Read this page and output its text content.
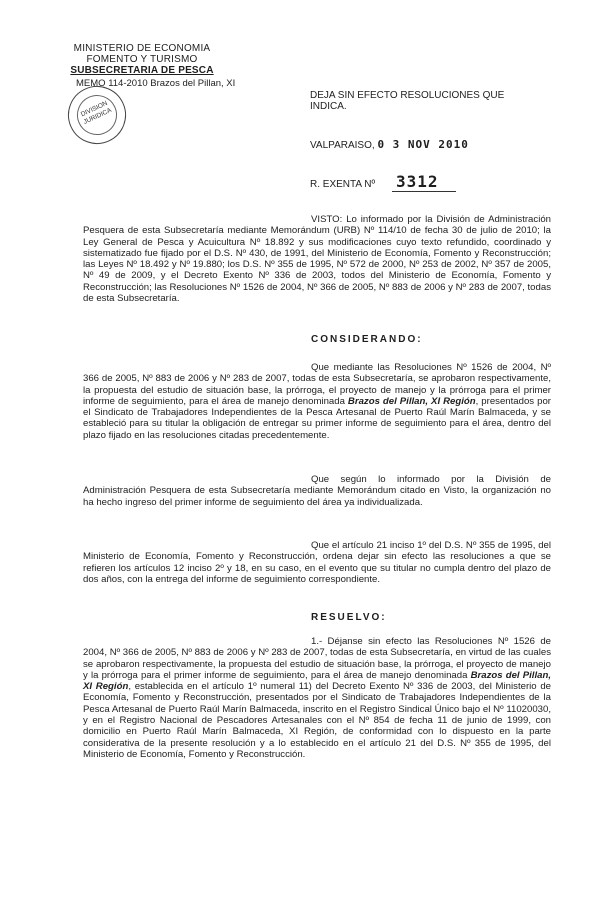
MINISTERIO DE ECONOMIA
FOMENTO Y TURISMO
SUBSECRETARIA DE PESCA
MEMO 114-2010 Brazos del Pillan, XI
DIVISION JURIDICA
DEJA SIN EFECTO RESOLUCIONES QUE
INDICA.
VALPARAISO, 0 3 NOV 2010
R. EXENTA Nº 3312

VISTO: Lo informado por la División de Administración Pesquera de esta Subsecretaría mediante Memorándum (URB) Nº 114/10 de fecha 30 de julio de 2010; la Ley General de Pesca y Acuicultura Nº 18.892 y sus modificaciones cuyo texto refundido, coordinado y sistematizado fue fijado por el D.S. Nº 430, de 1991, del Ministerio de Economía, Fomento y Reconstrucción; las Leyes Nº 18.492 y Nº 19.880; los D.S. Nº 355 de 1995, Nº 572 de 2000, Nº 253 de 2002, Nº 357 de 2005, Nº 49 de 2009, y el Decreto Exento Nº 336 de 2003, todos del Ministerio de Economía, Fomento y Reconstrucción; las Resoluciones Nº 1526 de 2004, Nº 366 de 2005, Nº 883 de 2006 y Nº 283 de 2007, todas de esta Subsecretaría.

CONSIDERANDO:

Que mediante las Resoluciones Nº 1526 de 2004, Nº 366 de 2005, Nº 883 de 2006 y Nº 283 de 2007, todas de esta Subsecretaría, se aprobaron respectivamente, la propuesta del estudio de situación base, la prórroga, el proyecto de manejo y la prórroga para el primer informe de seguimiento, para el área de manejo denominada Brazos del Pillan, XI Región, presentados por el Sindicato de Trabajadores Independientes de la Pesca Artesanal de Puerto Raúl Marín Balmaceda, y se estableció para su titular la obligación de entregar su primer informe de seguimiento para el área, dentro del plazo fijado en las resoluciones citadas precedentemente.

Que según lo informado por la División de Administración Pesquera de esta Subsecretaría mediante Memorándum citado en Visto, la organización no ha hecho ingreso del primer informe de seguimiento del área ya individualizada.

Que el artículo 21 inciso 1º del D.S. Nº 355 de 1995, del Ministerio de Economía, Fomento y Reconstrucción, ordena dejar sin efecto las resoluciones a que se refieren los artículos 12 inciso 2º y 18, en su caso, en el evento que su titular no cumpla dentro del plazo de dos años, con la entrega del informe de seguimiento correspondiente.

RESUELVO:

1.- Déjanse sin efecto las Resoluciones Nº 1526 de 2004, Nº 366 de 2005, Nº 883 de 2006 y Nº 283 de 2007, todas de esta Subsecretaría, en virtud de las cuales se aprobaron respectivamente, la propuesta del estudio de situación base, la prórroga, el proyecto de manejo y la prórroga para el primer informe de seguimiento, para el área de manejo denominada Brazos del Pillan, XI Región, establecida en el artículo 1º numeral 11) del Decreto Exento Nº 336 de 2003, del Ministerio de Economía, Fomento y Reconstrucción, presentados por el Sindicato de Trabajadores Independientes de la Pesca Artesanal de Puerto Raúl Marín Balmaceda, inscrito en el Registro Sindical Único bajo el Nº 11020030, y en el Registro Nacional de Pescadores Artesanales con el Nº 854 de fecha 11 de junio de 1999, con domicilio en Puerto Raúl Marín Balmaceda, XI Región, de conformidad con lo dispuesto en la parte considerativa de la presente resolución y a lo establecido en el artículo 21 del D.S. Nº 355 de 1995, del Ministerio de Economía, Fomento y Reconstrucción.
